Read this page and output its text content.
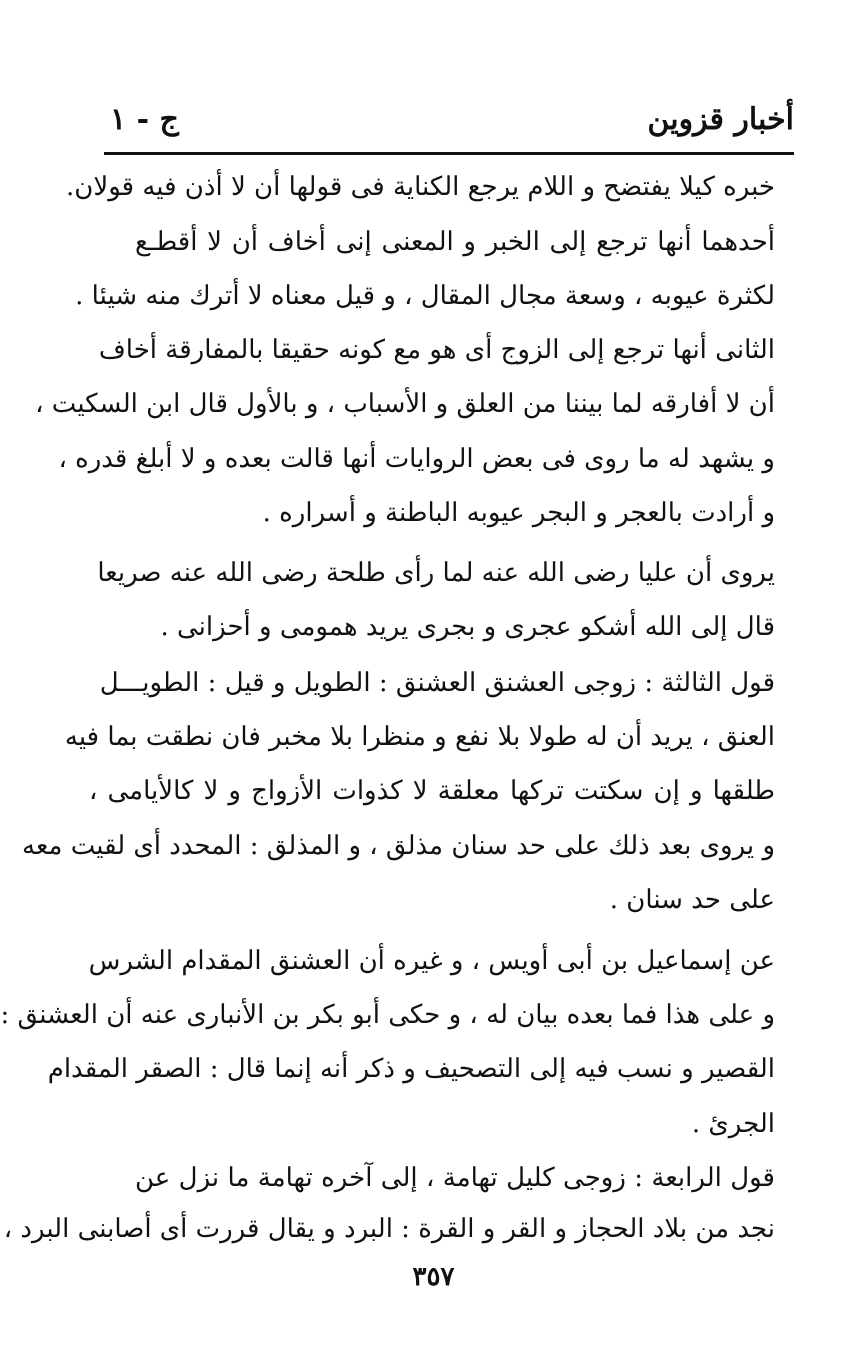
أخبار قزوين
ج - ١
خبره كيلا يفتضح و اللام يرجع الكناية فى قولها أن لا أذن فيه قولان.
أحدهما أنها ترجع إلى الخبر و المعنى إنى أخاف أن لا أقطـع
لكثرة عيوبه ، وسعة مجال المقال ، و قيل معناه لا أترك منه شيئا .
الثانى أنها ترجع إلى الزوج أى هو مع كونه حقيقا بالمفارقة أخاف
أن لا أفارقه لما بيننا من العلق و الأسباب ، و بالأول قال ابن السكيت ،
و يشهد له ما روى فى بعض الروايات أنها قالت بعده و لا أبلغ قدره ،
و أرادت بالعجر و البجر عيوبه الباطنة و أسراره .
يروى أن عليا رضى الله عنه لما رأى طلحة رضى الله عنه صريعا
قال إلى الله أشكو عجرى و بجرى يريد همومى و أحزانى .
قول الثالثة : زوجى العشنق العشنق : الطويل و قيل : الطويـــل
العنق ، يريد أن له طولا بلا نفع و منظرا بلا مخبر فان نطقت بما فيه
طلقها و إن سكتت تركها معلقة لا كذوات الأزواج و لا كالأيامى ،
و يروى بعد ذلك على حد سنان مذلق ، و المذلق : المحدد أى لقيت معه
على حد سنان .
عن إسماعيل بن أبى أويس ، و غيره أن العشنق المقدام الشرس
و على هذا فما بعده بيان له ، و حكى أبو بكر بن الأنبارى عنه أن العشنق :
القصير و نسب فيه إلى التصحيف و ذكر أنه إنما قال : الصقر المقدام
الجرئ .
قول الرابعة : زوجى كليل تهامة ، إلى آخره تهامة ما نزل عن
نجد من بلاد الحجاز و القر و القرة : البرد و يقال قررت أى أصابنى البرد ،
٣٥٧
